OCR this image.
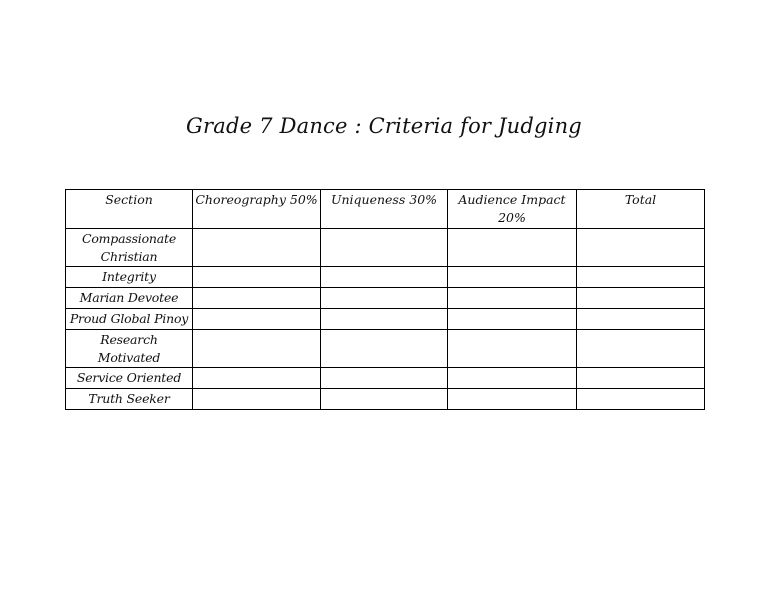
Grade 7 Dance : Criteria for Judging
Section	Choreography 50%	Uniqueness 30%	Audience Impact 20%	Total
Compassionate Christian				
Integrity				
Marian Devotee				
Proud Global Pinoy				
Research Motivated				
Service Oriented				
Truth Seeker				
